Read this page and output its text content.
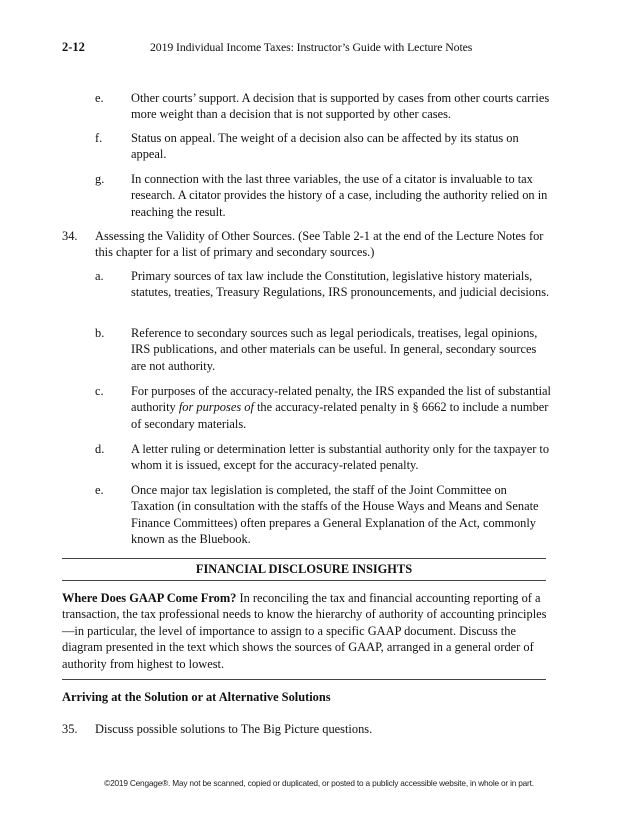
2-12	2019 Individual Income Taxes: Instructor’s Guide with Lecture Notes
e. Other courts’ support. A decision that is supported by cases from other courts carries more weight than a decision that is not supported by other cases.
f. Status on appeal. The weight of a decision also can be affected by its status on appeal.
g. In connection with the last three variables, the use of a citator is invaluable to tax research. A citator provides the history of a case, including the authority relied on in reaching the result.
34. Assessing the Validity of Other Sources. (See Table 2-1 at the end of the Lecture Notes for this chapter for a list of primary and secondary sources.)
a. Primary sources of tax law include the Constitution, legislative history materials, statutes, treaties, Treasury Regulations, IRS pronouncements, and judicial decisions.
b. Reference to secondary sources such as legal periodicals, treatises, legal opinions, IRS publications, and other materials can be useful. In general, secondary sources are not authority.
c. For purposes of the accuracy-related penalty, the IRS expanded the list of substantial authority for purposes of the accuracy-related penalty in § 6662 to include a number of secondary materials.
d. A letter ruling or determination letter is substantial authority only for the taxpayer to whom it is issued, except for the accuracy-related penalty.
e. Once major tax legislation is completed, the staff of the Joint Committee on Taxation (in consultation with the staffs of the House Ways and Means and Senate Finance Committees) often prepares a General Explanation of the Act, commonly known as the Bluebook.
FINANCIAL DISCLOSURE INSIGHTS
Where Does GAAP Come From? In reconciling the tax and financial accounting reporting of a transaction, the tax professional needs to know the hierarchy of authority of accounting principles—in particular, the level of importance to assign to a specific GAAP document. Discuss the diagram presented in the text which shows the sources of GAAP, arranged in a general order of authority from highest to lowest.
Arriving at the Solution or at Alternative Solutions
35. Discuss possible solutions to The Big Picture questions.
©2019 Cengage®. May not be scanned, copied or duplicated, or posted to a publicly accessible website, in whole or in part.
